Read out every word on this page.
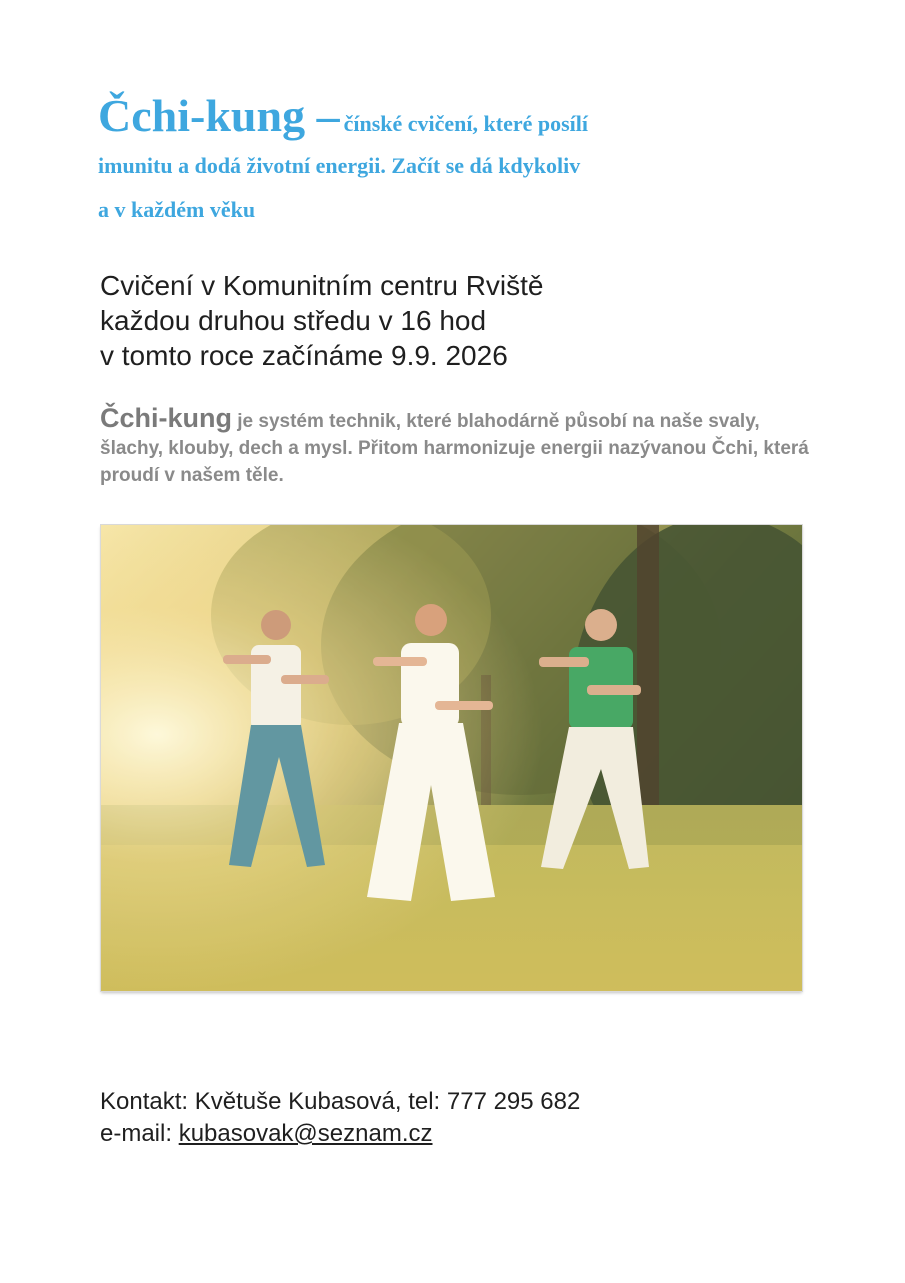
Čchi-kung – čínské cvičení, které posílí
imunitu a dodá životní energii. Začít se dá kdykoliv
a v každém věku
Cvičení v Komunitním centru Rviště
každou druhou středu v 16 hod
v tomto roce začínáme 9.9. 2026
Čchi-kung je systém technik, které blahodárně působí na naše svaly, šlachy, klouby, dech a mysl. Přitom harmonizuje energii nazývanou Čchi, která proudí v našem těle.
Kontakt: Květuše Kubasová, tel: 777 295 682
e-mail: kubasovak@seznam.cz
